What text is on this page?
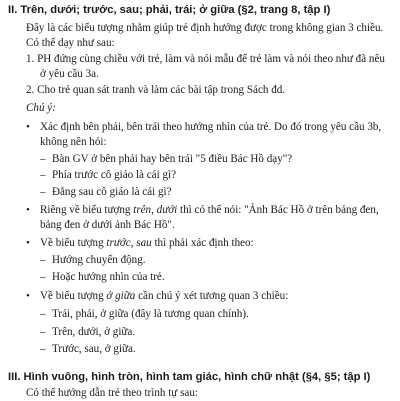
II. Trên, dưới; trước, sau; phải, trái; ở giữa (§2, trang 8, tập I)

Đây là các biểu tượng nhằm giúp trẻ định hướng được trong không gian 3 chiều. Có thể dạy như sau:

1. PH đứng cùng chiều với trẻ, làm và nói mẫu để trẻ làm và nói theo như đã nêu ở yêu cầu 3a.

2. Cho trẻ quan sát tranh và làm các bài tập trong Sách đd.

Chú ý:

• Xác định bên phải, bên trái theo hướng nhìn của trẻ. Do đó trong yêu cầu 3b, không nên hỏi:

– Bàn GV ở bên phải hay bên trái "5 điều Bác Hồ dạy"?

– Phía trước cô giáo là cái gì?

– Đằng sau cô giáo là cái gì?

• Riêng về biểu tượng trên, dưới thì có thể nói: "Ảnh Bác Hồ ở trên bảng đen, bảng đen ở dưới ảnh Bác Hồ".

• Về biểu tượng trước, sau thì phải xác định theo:

– Hướng chuyển động.

– Hoặc hướng nhìn của trẻ.

• Về biểu tượng ở giữa cần chú ý xét tương quan 3 chiều:

– Trái, phải, ở giữa (đây là tương quan chính).

– Trên, dưới, ở giữa.

– Trước, sau, ở giữa.

III. Hình vuông, hình tròn, hình tam giác, hình chữ nhật (§4, §5; tập I)

Có thể hướng dẫn trẻ theo trình tự sau:
